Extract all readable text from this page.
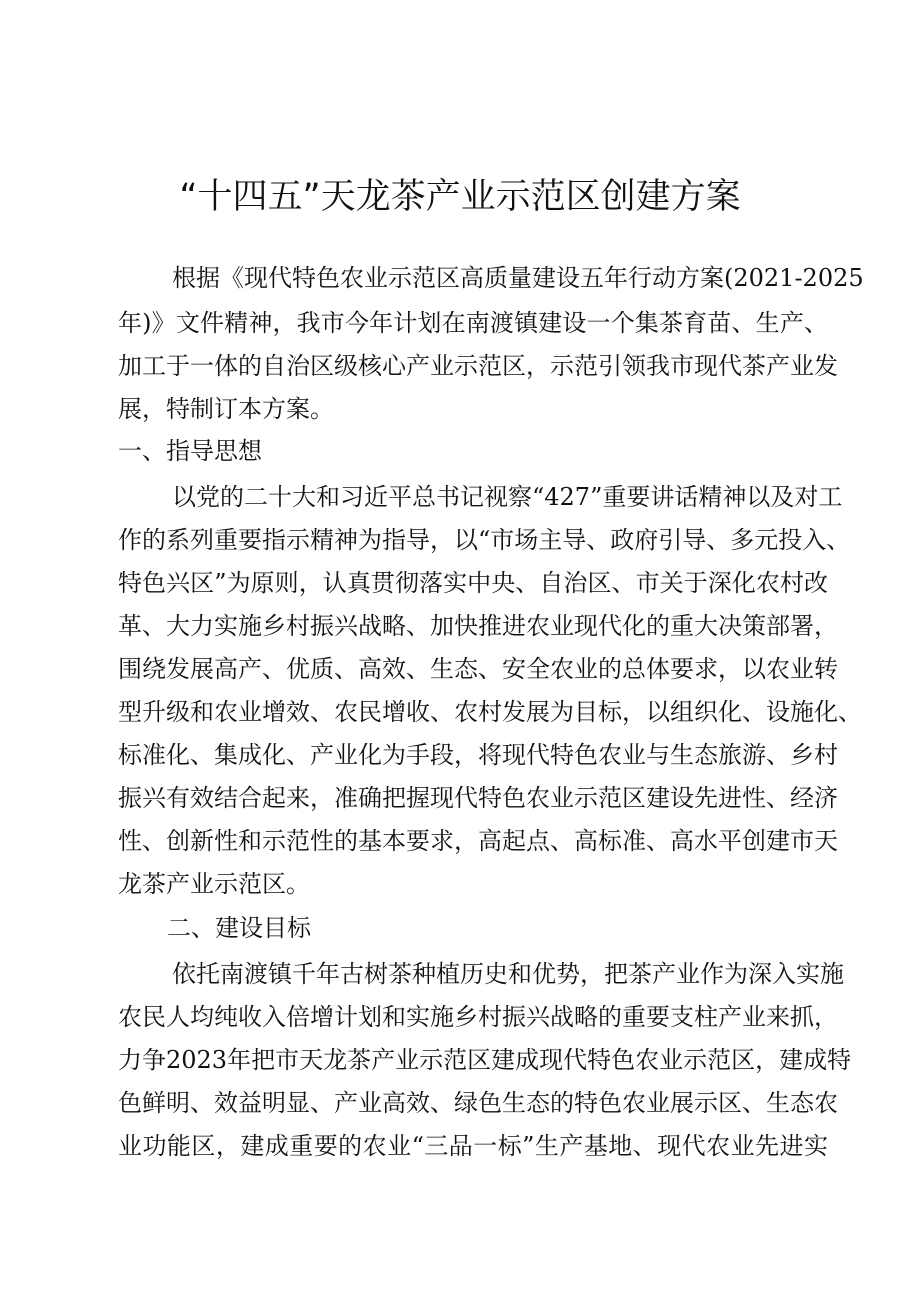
“十四五”天龙茶产业示范区创建方案

根据《现代特色农业示范区高质量建设五年行动方案(2021-2025

年)》文件精神，我市今年计划在南渡镇建设一个集茶育苗、生产、

加工于一体的自治区级核心产业示范区，示范引领我市现代茶产业发

展，特制订本方案。

一、指导思想

以党的二十大和习近平总书记视察“427”重要讲话精神以及对工

作的系列重要指示精神为指导，以“市场主导、政府引导、多元投入、

特色兴区”为原则，认真贯彻落实中央、自治区、市关于深化农村改

革、大力实施乡村振兴战略、加快推进农业现代化的重大决策部署，

围绕发展高产、优质、高效、生态、安全农业的总体要求，以农业转

型升级和农业增效、农民增收、农村发展为目标，以组织化、设施化、

标准化、集成化、产业化为手段，将现代特色农业与生态旅游、乡村

振兴有效结合起来，准确把握现代特色农业示范区建设先进性、经济

性、创新性和示范性的基本要求，高起点、高标准、高水平创建市天

龙茶产业示范区。

二、建设目标

依托南渡镇千年古树茶种植历史和优势，把茶产业作为深入实施

农民人均纯收入倍增计划和实施乡村振兴战略的重要支柱产业来抓，

力争2023年把市天龙茶产业示范区建成现代特色农业示范区，建成特

色鲜明、效益明显、产业高效、绿色生态的特色农业展示区、生态农

业功能区，建成重要的农业“三品一标”生产基地、现代农业先进实
